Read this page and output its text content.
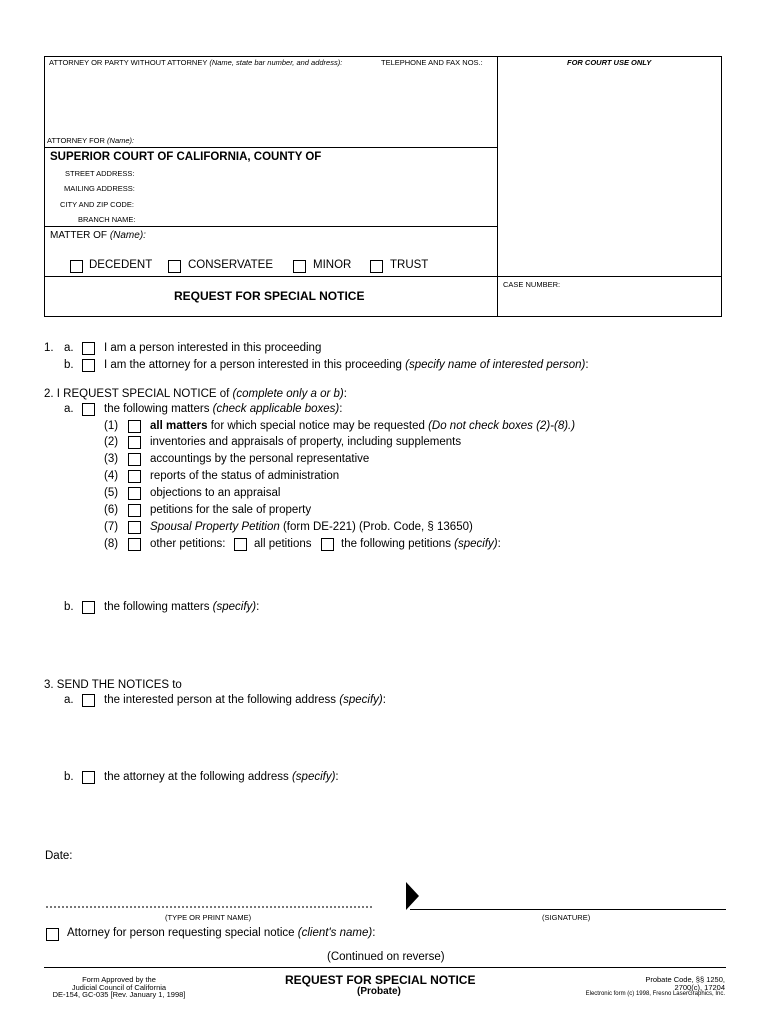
ATTORNEY OR PARTY WITHOUT ATTORNEY (Name, state bar number, and address):	TELEPHONE AND FAX NOS.:	FOR COURT USE ONLY
ATTORNEY FOR (Name):
SUPERIOR COURT OF CALIFORNIA, COUNTY OF
STREET ADDRESS:
MAILING ADDRESS:
CITY AND ZIP CODE:
BRANCH NAME:
MATTER OF (Name):
DECEDENT	CONSERVATEE	MINOR	TRUST
CASE NUMBER:
REQUEST FOR SPECIAL NOTICE
1. a.	I am a person interested in this proceeding
b.	I am the attorney for a person interested in this proceeding (specify name of interested person):
2. I REQUEST SPECIAL NOTICE of (complete only a or b):
a.	the following matters (check applicable boxes):
(1)	all matters for which special notice may be requested (Do not check boxes (2)-(8).)
(2)	inventories and appraisals of property, including supplements
(3)	accountings by the personal representative
(4)	reports of the status of administration
(5)	objections to an appraisal
(6)	petitions for the sale of property
(7)	Spousal Property Petition (form DE-221) (Prob. Code, § 13650)
(8)	other petitions: all petitions	the following petitions (specify):
b.	the following matters (specify):
3. SEND THE NOTICES to
a.	the interested person at the following address (specify):
b.	the attorney at the following address (specify):
Date:
(TYPE OR PRINT NAME)	(SIGNATURE)
Attorney for person requesting special notice (client's name):
(Continued on reverse)
Form Approved by the
Judicial Council of California
DE-154, GC-035 [Rev. January 1, 1998]
REQUEST FOR SPECIAL NOTICE
(Probate)
Probate Code, §§ 1250,
2700(c), 17204
Electronic form (c) 1998, Fresno LaserGraphics, Inc.
